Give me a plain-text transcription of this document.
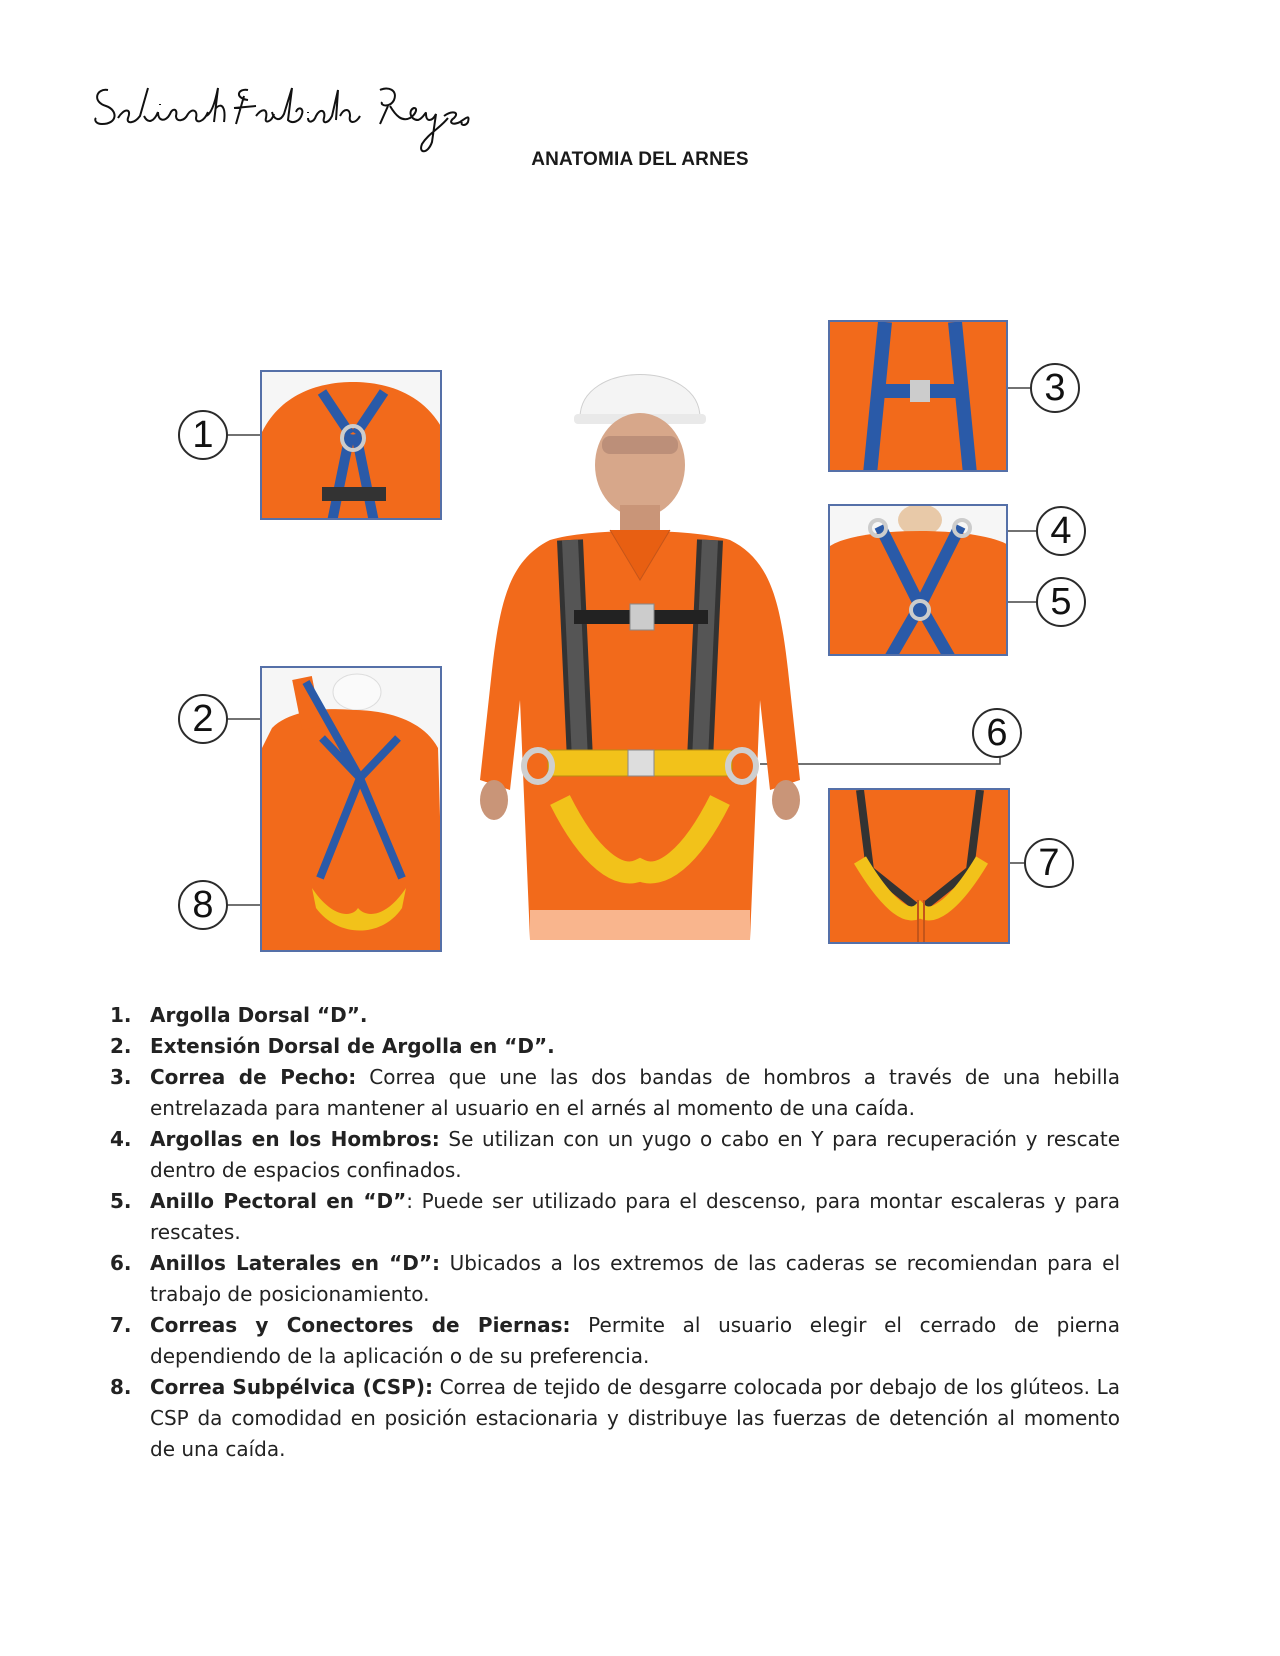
ANATOMIA DEL ARNES
1
2
3
4
5
6
7
8
1. Argolla Dorsal “D”.
2. Extensión Dorsal de Argolla en “D”.
3. Correa de Pecho: Correa que une las dos bandas de hombros a través de una hebilla entrelazada para mantener al usuario en el arnés al momento de una caída.
4. Argollas en los Hombros: Se utilizan con un yugo o cabo en Y para recuperación y rescate dentro de espacios confinados.
5. Anillo Pectoral en “D”: Puede ser utilizado para el descenso, para montar escaleras y para rescates.
6. Anillos Laterales en “D”: Ubicados a los extremos de las caderas se recomiendan para el trabajo de posicionamiento.
7. Correas y Conectores de Piernas: Permite al usuario elegir el cerrado de pierna dependiendo de la aplicación o de su preferencia.
8. Correa Subpélvica (CSP): Correa de tejido de desgarre colocada por debajo de los glúteos. La CSP da comodidad en posición estacionaria y distribuye las fuerzas de detención al momento de una caída.
